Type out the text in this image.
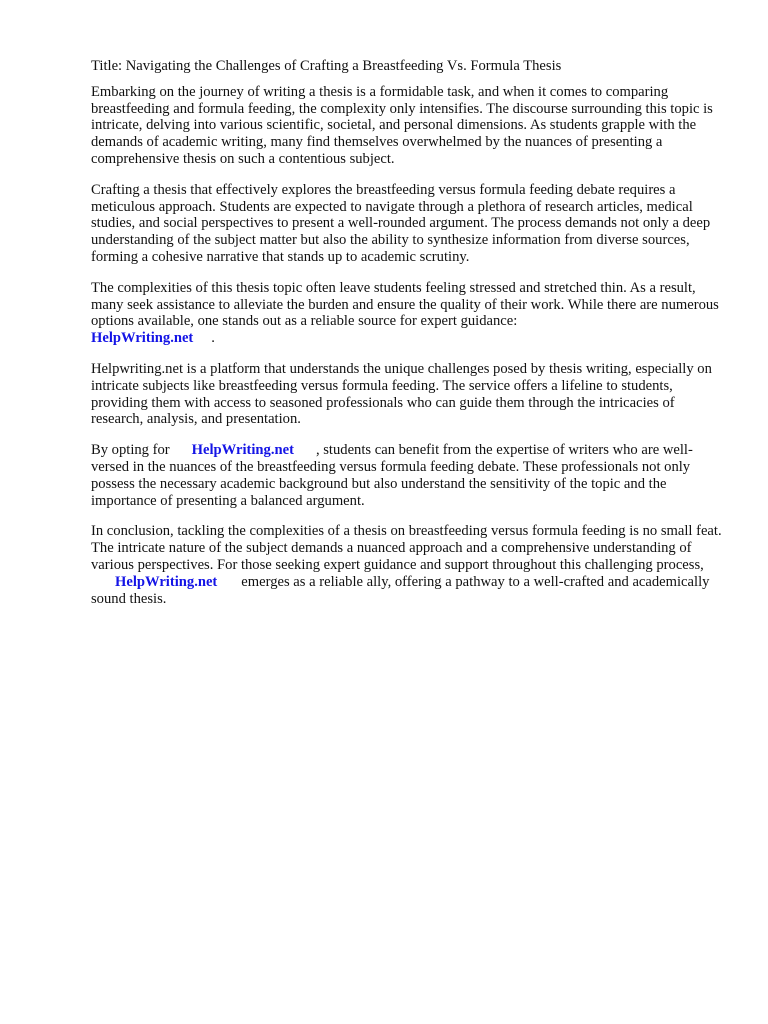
Title: Navigating the Challenges of Crafting a Breastfeeding Vs. Formula Thesis

Embarking on the journey of writing a thesis is a formidable task, and when it comes to comparing breastfeeding and formula feeding, the complexity only intensifies. The discourse surrounding this topic is intricate, delving into various scientific, societal, and personal dimensions. As students grapple with the demands of academic writing, many find themselves overwhelmed by the nuances of presenting a comprehensive thesis on such a contentious subject.

Crafting a thesis that effectively explores the breastfeeding versus formula feeding debate requires a meticulous approach. Students are expected to navigate through a plethora of research articles, medical studies, and social perspectives to present a well-rounded argument. The process demands not only a deep understanding of the subject matter but also the ability to synthesize information from diverse sources, forming a cohesive narrative that stands up to academic scrutiny.

The complexities of this thesis topic often leave students feeling stressed and stretched thin. As a result, many seek assistance to alleviate the burden and ensure the quality of their work. While there are numerous options available, one stands out as a reliable source for expert guidance:
HelpWriting.net .

Helpwriting.net is a platform that understands the unique challenges posed by thesis writing, especially on intricate subjects like breastfeeding versus formula feeding. The service offers a lifeline to students, providing them with access to seasoned professionals who can guide them through the intricacies of research, analysis, and presentation.

By opting for HelpWriting.net , students can benefit from the expertise of writers who are well-versed in the nuances of the breastfeeding versus formula feeding debate. These professionals not only possess the necessary academic background but also understand the sensitivity of the topic and the importance of presenting a balanced argument.

In conclusion, tackling the complexities of a thesis on breastfeeding versus formula feeding is no small feat. The intricate nature of the subject demands a nuanced approach and a comprehensive understanding of various perspectives. For those seeking expert guidance and support throughout this challenging process,HelpWriting.net emerges as a reliable ally, offering a pathway to a well-crafted and academically sound thesis.
